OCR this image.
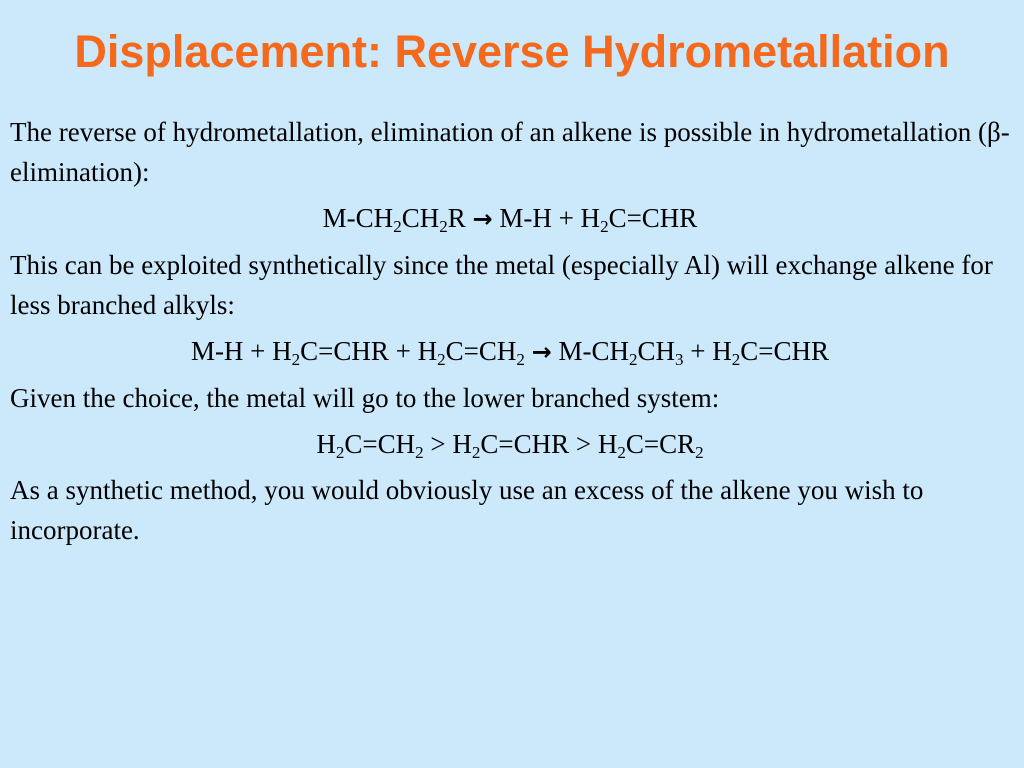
Displacement: Reverse Hydrometallation

The reverse of hydrometallation, elimination of an alkene is possible in hydrometallation (β-elimination):

$M-CH_2CH_2R \to M-H + H_2C=CHR$

This can be exploited synthetically since the metal (especially Al) will exchange alkene for less branched alkyls:

$M-H + H_2C=CHR + H_2C=CH_2 \to M-CH_2CH_3 + H_2C=CHR$

Given the choice, the metal will go to the lower branched system:

$H_2C=CH_2 > H_2C=CHR > H_2C=CR_2$

As a synthetic method, you would obviously use an excess of the alkene you wish to incorporate.
